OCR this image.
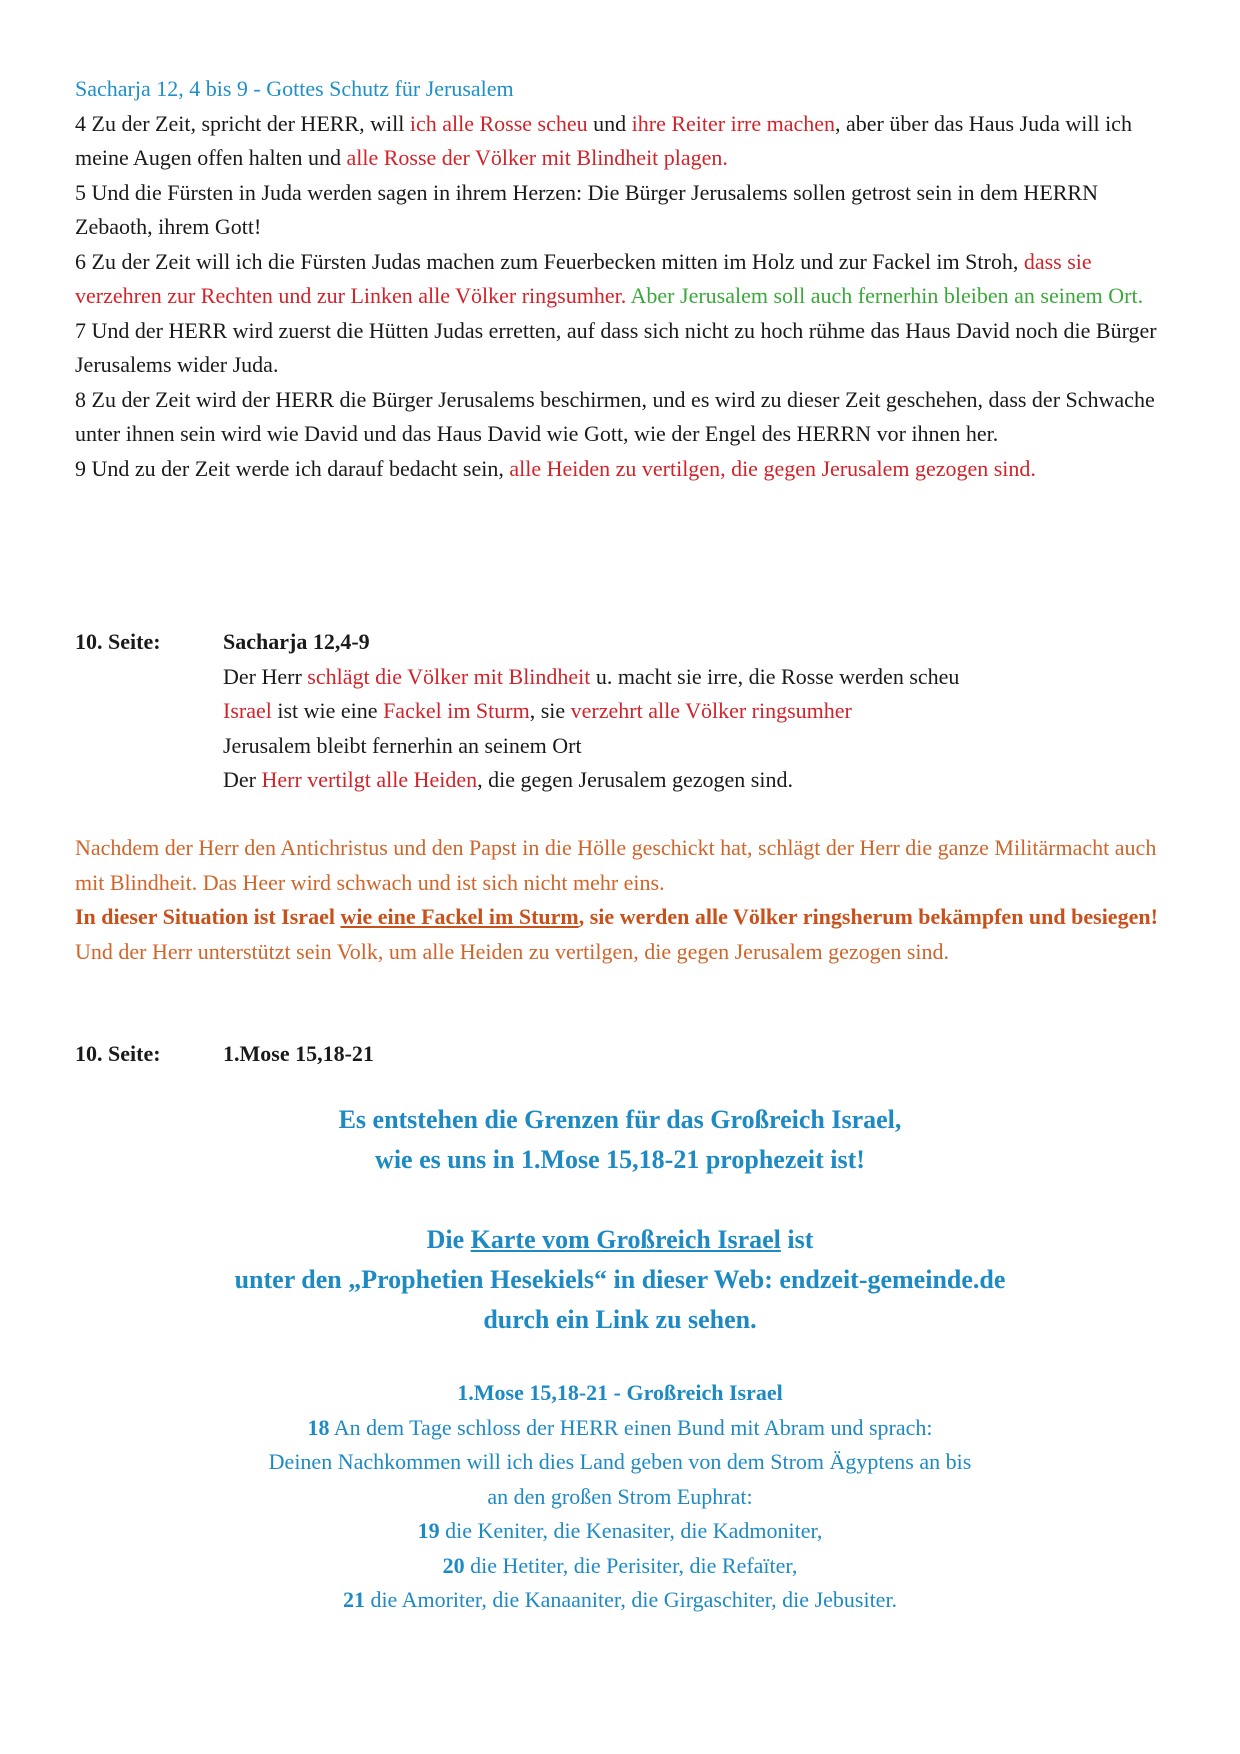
Sacharja 12, 4 bis 9 - Gottes Schutz für Jerusalem

4 Zu der Zeit, spricht der HERR, will ich alle Rosse scheu und ihre Reiter irre machen, aber über das Haus Juda will ich meine Augen offen halten und alle Rosse der Völker mit Blindheit plagen.

5 Und die Fürsten in Juda werden sagen in ihrem Herzen: Die Bürger Jerusalems sollen getrost sein in dem HERRN Zebaoth, ihrem Gott!

6 Zu der Zeit will ich die Fürsten Judas machen zum Feuerbecken mitten im Holz und zur Fackel im Stroh, dass sie verzehren zur Rechten und zur Linken alle Völker ringsumher. Aber Jerusalem soll auch fernerhin bleiben an seinem Ort.

7 Und der HERR wird zuerst die Hütten Judas erretten, auf dass sich nicht zu hoch rühme das Haus David noch die Bürger Jerusalems wider Juda.

8 Zu der Zeit wird der HERR die Bürger Jerusalems beschirmen, und es wird zu dieser Zeit geschehen, dass der Schwache unter ihnen sein wird wie David und das Haus David wie Gott, wie der Engel des HERRN vor ihnen her.

9 Und zu der Zeit werde ich darauf bedacht sein, alle Heiden zu vertilgen, die gegen Jerusalem gezogen sind.

10. Seite:	Sacharja 12,4-9

Der Herr schlägt die Völker mit Blindheit u. macht sie irre, die Rosse werden scheu

Israel ist wie eine Fackel im Sturm, sie verzehrt alle Völker ringsumher

Jerusalem bleibt fernerhin an seinem Ort

Der Herr vertilgt alle Heiden, die gegen Jerusalem gezogen sind.

Nachdem der Herr den Antichristus und den Papst in die Hölle geschickt hat, schlägt der Herr die ganze Militärmacht auch mit Blindheit. Das Heer wird schwach und ist sich nicht mehr eins.

In dieser Situation ist Israel wie eine Fackel im Sturm, sie werden alle Völker ringsherum bekämpfen und besiegen! Und der Herr unterstützt sein Volk, um alle Heiden zu vertilgen, die gegen Jerusalem gezogen sind.

10. Seite:	1.Mose 15,18-21

Es entstehen die Grenzen für das Großreich Israel,

wie es uns in 1.Mose 15,18-21 prophezeit ist!

Die Karte vom Großreich Israel ist

unter den „Prophetien Hesekiels“ in dieser Web: endzeit-gemeinde.de

durch ein Link zu sehen.

1.Mose 15,18-21 - Großreich Israel

18 An dem Tage schloss der HERR einen Bund mit Abram und sprach:

Deinen Nachkommen will ich dies Land geben von dem Strom Ägyptens an bis

an den großen Strom Euphrat:

19 die Keniter, die Kenasiter, die Kadmoniter,

20 die Hetiter, die Perisiter, die Refaïter,

21 die Amoriter, die Kanaaniter, die Girgaschiter, die Jebusiter.
